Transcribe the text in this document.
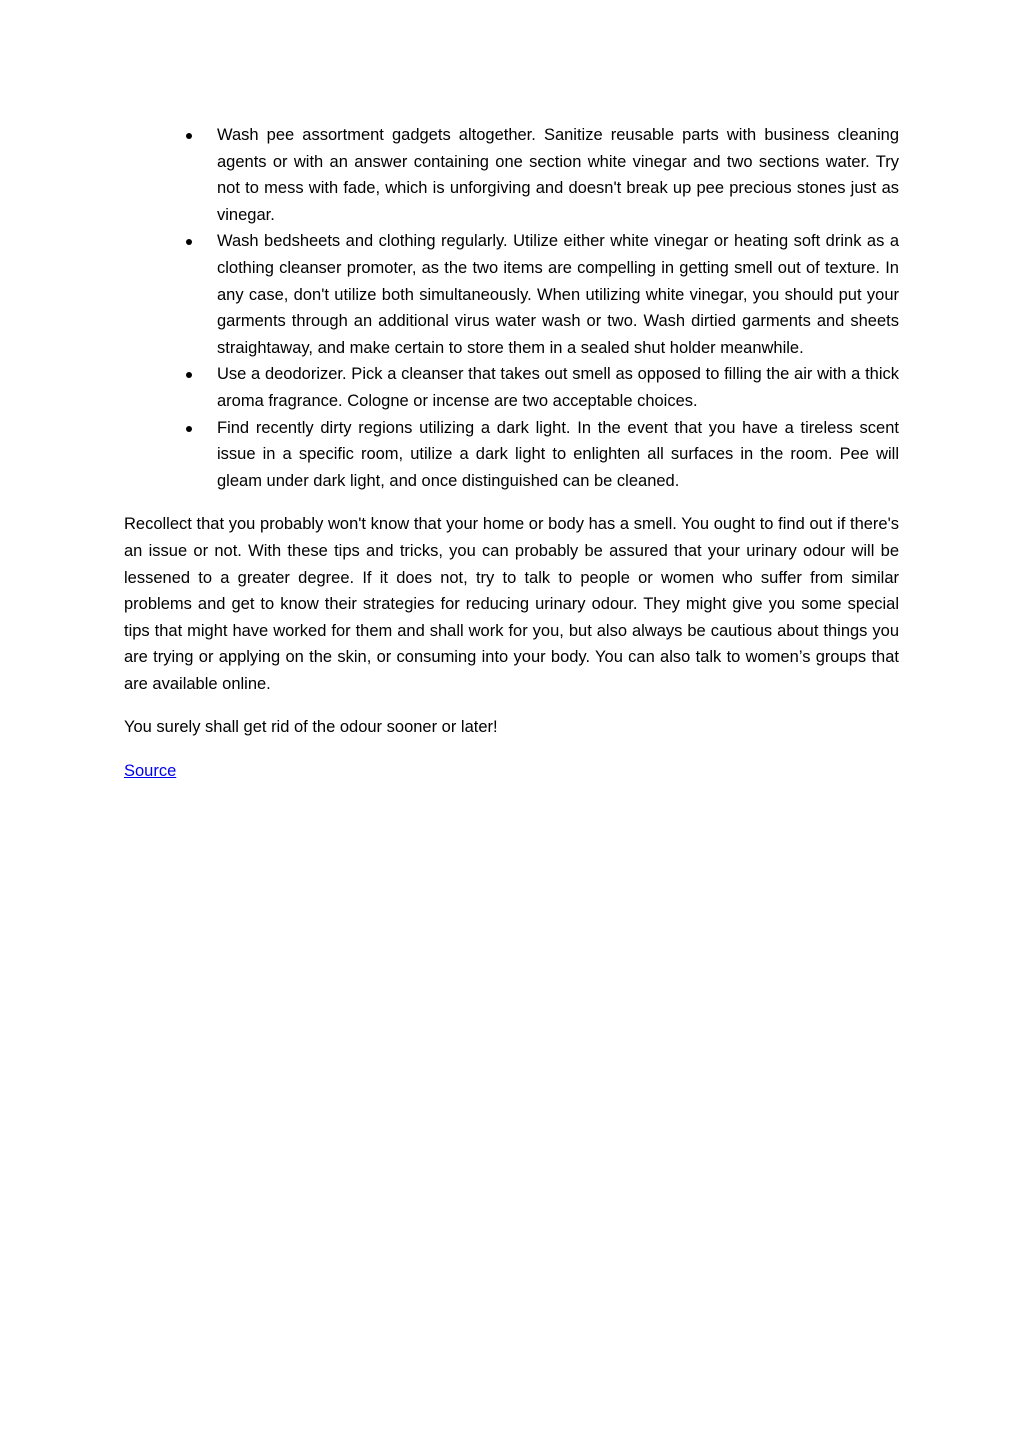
Wash pee assortment gadgets altogether. Sanitize reusable parts with business cleaning agents or with an answer containing one section white vinegar and two sections water. Try not to mess with fade, which is unforgiving and doesn't break up pee precious stones just as vinegar.
Wash bedsheets and clothing regularly. Utilize either white vinegar or heating soft drink as a clothing cleanser promoter, as the two items are compelling in getting smell out of texture. In any case, don't utilize both simultaneously. When utilizing white vinegar, you should put your garments through an additional virus water wash or two. Wash dirtied garments and sheets straightaway, and make certain to store them in a sealed shut holder meanwhile.
Use a deodorizer. Pick a cleanser that takes out smell as opposed to filling the air with a thick aroma fragrance. Cologne or incense are two acceptable choices.
Find recently dirty regions utilizing a dark light. In the event that you have a tireless scent issue in a specific room, utilize a dark light to enlighten all surfaces in the room. Pee will gleam under dark light, and once distinguished can be cleaned.

Recollect that you probably won't know that your home or body has a smell. You ought to find out if there's an issue or not. With these tips and tricks, you can probably be assured that your urinary odour will be lessened to a greater degree. If it does not, try to talk to people or women who suffer from similar problems and get to know their strategies for reducing urinary odour. They might give you some special tips that might have worked for them and shall work for you, but also always be cautious about things you are trying or applying on the skin, or consuming into your body. You can also talk to women’s groups that are available online.

You surely shall get rid of the odour sooner or later!

Source
